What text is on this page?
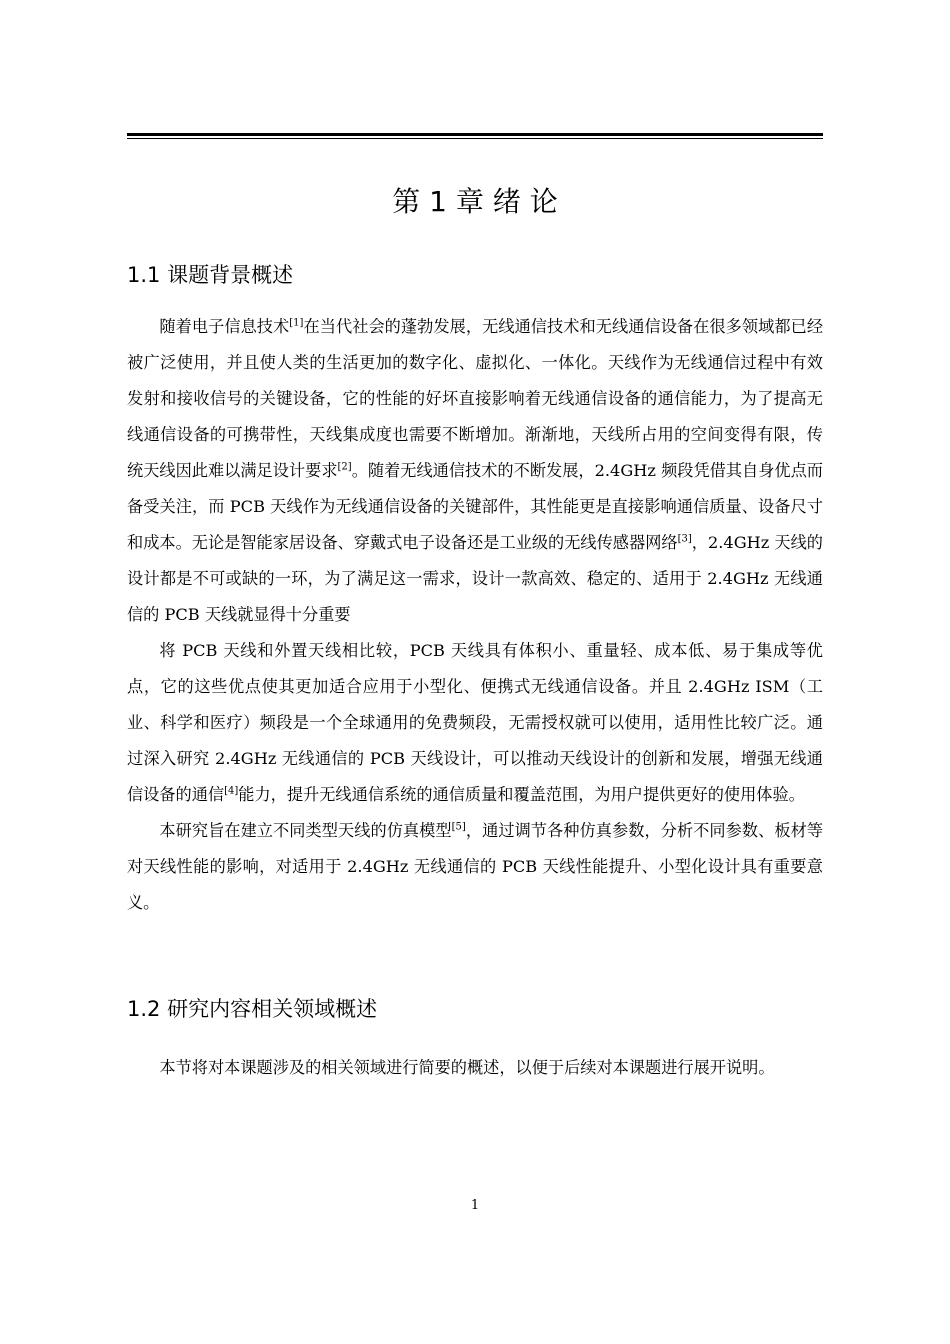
第 1 章 绪 论
1.1 课题背景概述

随着电子信息技术[1]在当代社会的蓬勃发展，无线通信技术和无线通信设备在很多领域都已经被广泛使用，并且使人类的生活更加的数字化、虚拟化、一体化。天线作为无线通信过程中有效发射和接收信号的关键设备，它的性能的好坏直接影响着无线通信设备的通信能力，为了提高无线通信设备的可携带性，天线集成度也需要不断增加。渐渐地，天线所占用的空间变得有限，传统天线因此难以满足设计要求[2]。随着无线通信技术的不断发展，2.4GHz 频段凭借其自身优点而备受关注，而 PCB 天线作为无线通信设备的关键部件，其性能更是直接影响通信质量、设备尺寸和成本。无论是智能家居设备、穿戴式电子设备还是工业级的无线传感器网络[3]，2.4GHz 天线的设计都是不可或缺的一环，为了满足这一需求，设计一款高效、稳定的、适用于 2.4GHz 无线通信的 PCB 天线就显得十分重要

将 PCB 天线和外置天线相比较，PCB 天线具有体积小、重量轻、成本低、易于集成等优点，它的这些优点使其更加适合应用于小型化、便携式无线通信设备。并且 2.4GHz ISM（工业、科学和医疗）频段是一个全球通用的免费频段，无需授权就可以使用，适用性比较广泛。通过深入研究 2.4GHz 无线通信的 PCB 天线设计，可以推动天线设计的创新和发展，增强无线通信设备的通信[4]能力，提升无线通信系统的通信质量和覆盖范围，为用户提供更好的使用体验。

本研究旨在建立不同类型天线的仿真模型[5]，通过调节各种仿真参数，分析不同参数、板材等对天线性能的影响，对适用于 2.4GHz 无线通信的 PCB 天线性能提升、小型化设计具有重要意义。

1.2 研究内容相关领域概述

本节将对本课题涉及的相关领域进行简要的概述，以便于后续对本课题进行展开说明。

1
